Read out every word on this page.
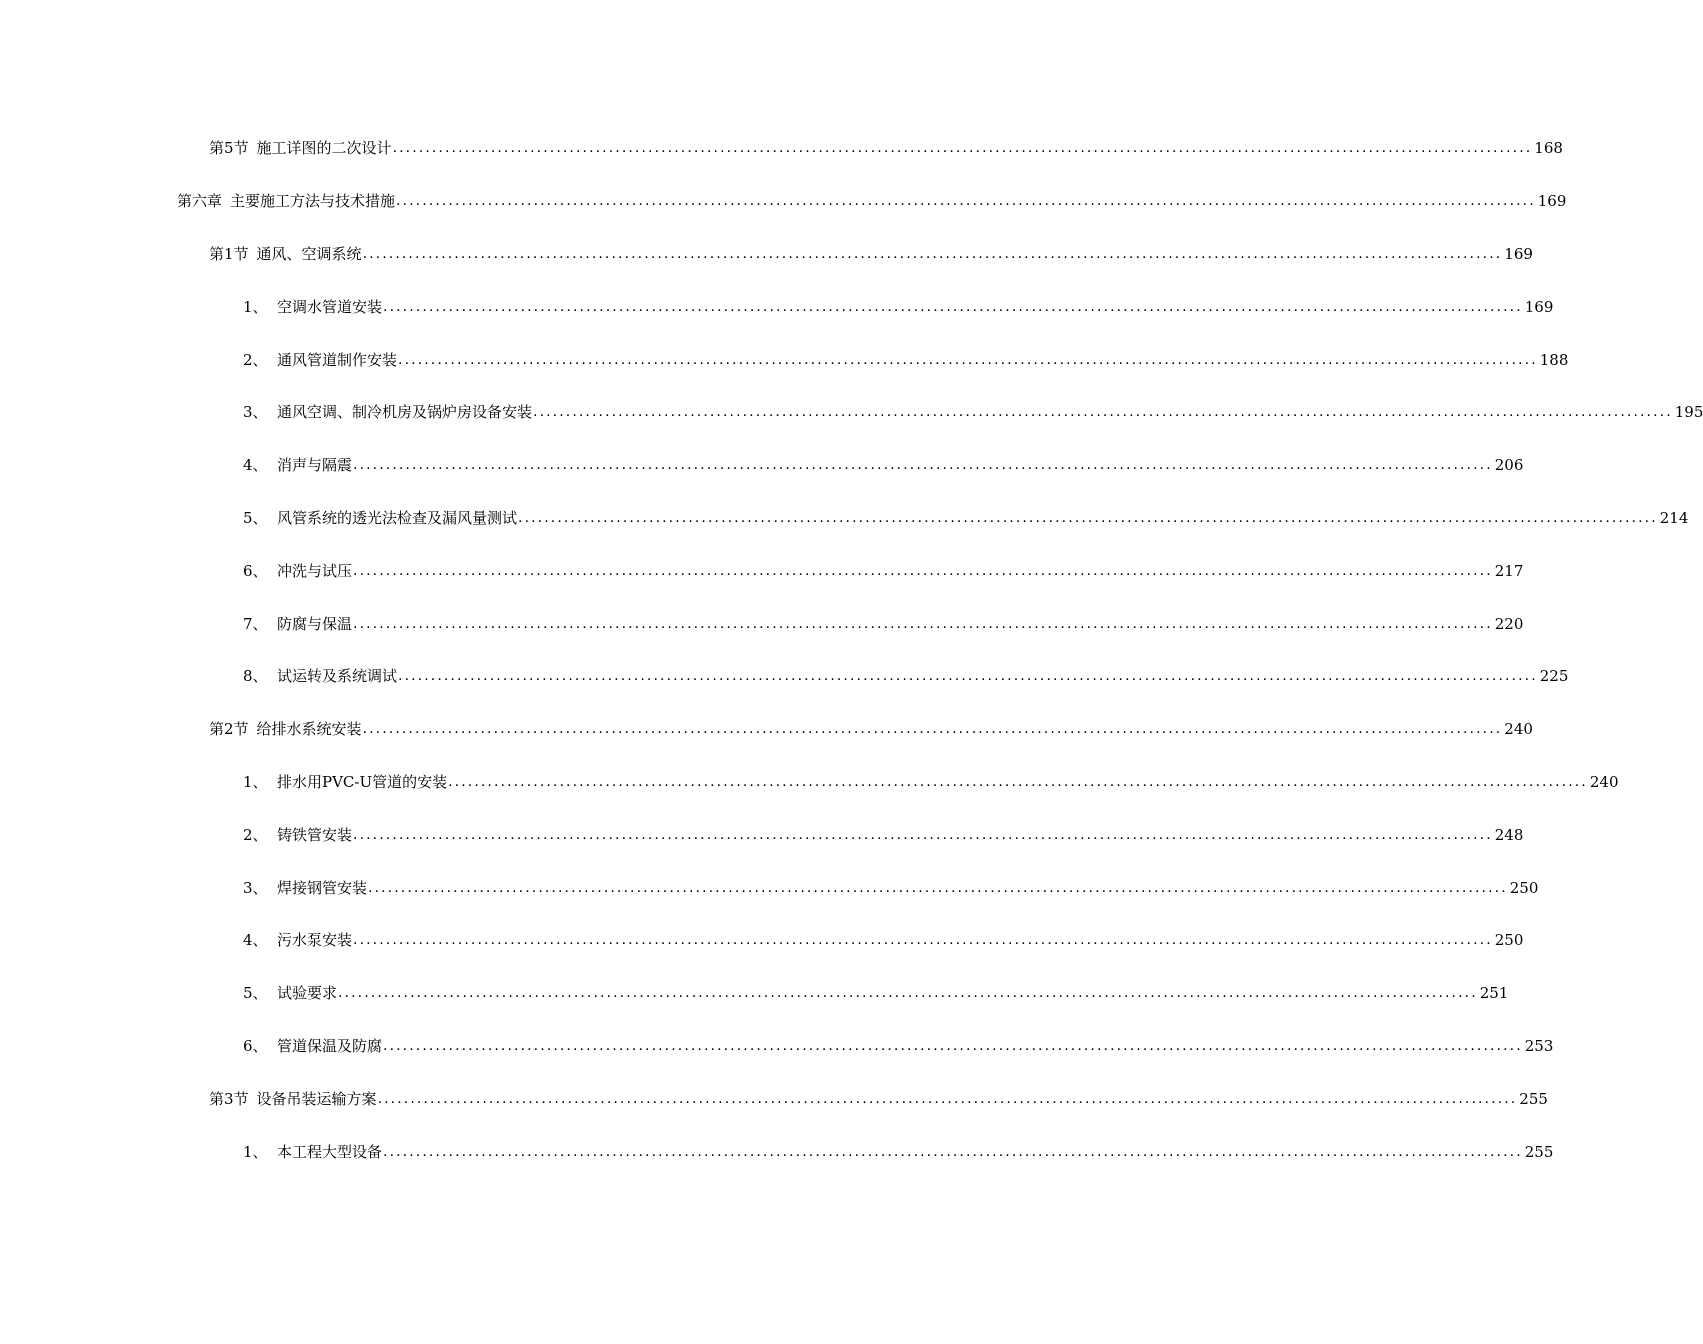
第5节 施工详图的二次设计 .............................................................................................................................................................................. 168
第六章 主要施工方法与技术措施 .............................................................................................................................................................................. 169
第1节 通风、空调系统 .............................................................................................................................................................................. 169
1、 空调水管道安装 .............................................................................................................................................................................. 169
2、 通风管道制作安装 .............................................................................................................................................................................. 188
3、 通风空调、制冷机房及锅炉房设备安装 .............................................................................................................................................................................. 195
4、 消声与隔震 .............................................................................................................................................................................. 206
5、 风管系统的透光法检查及漏风量测试 .............................................................................................................................................................................. 214
6、 冲洗与试压 .............................................................................................................................................................................. 217
7、 防腐与保温 .............................................................................................................................................................................. 220
8、 试运转及系统调试 .............................................................................................................................................................................. 225
第2节 给排水系统安装 .............................................................................................................................................................................. 240
1、 排水用PVC-U管道的安装 .............................................................................................................................................................................. 240
2、 铸铁管安装 .............................................................................................................................................................................. 248
3、 焊接钢管安装 .............................................................................................................................................................................. 250
4、 污水泵安装 .............................................................................................................................................................................. 250
5、 试验要求 .............................................................................................................................................................................. 251
6、 管道保温及防腐 .............................................................................................................................................................................. 253
第3节 设备吊装运输方案 .............................................................................................................................................................................. 255
1、 本工程大型设备 .............................................................................................................................................................................. 255
